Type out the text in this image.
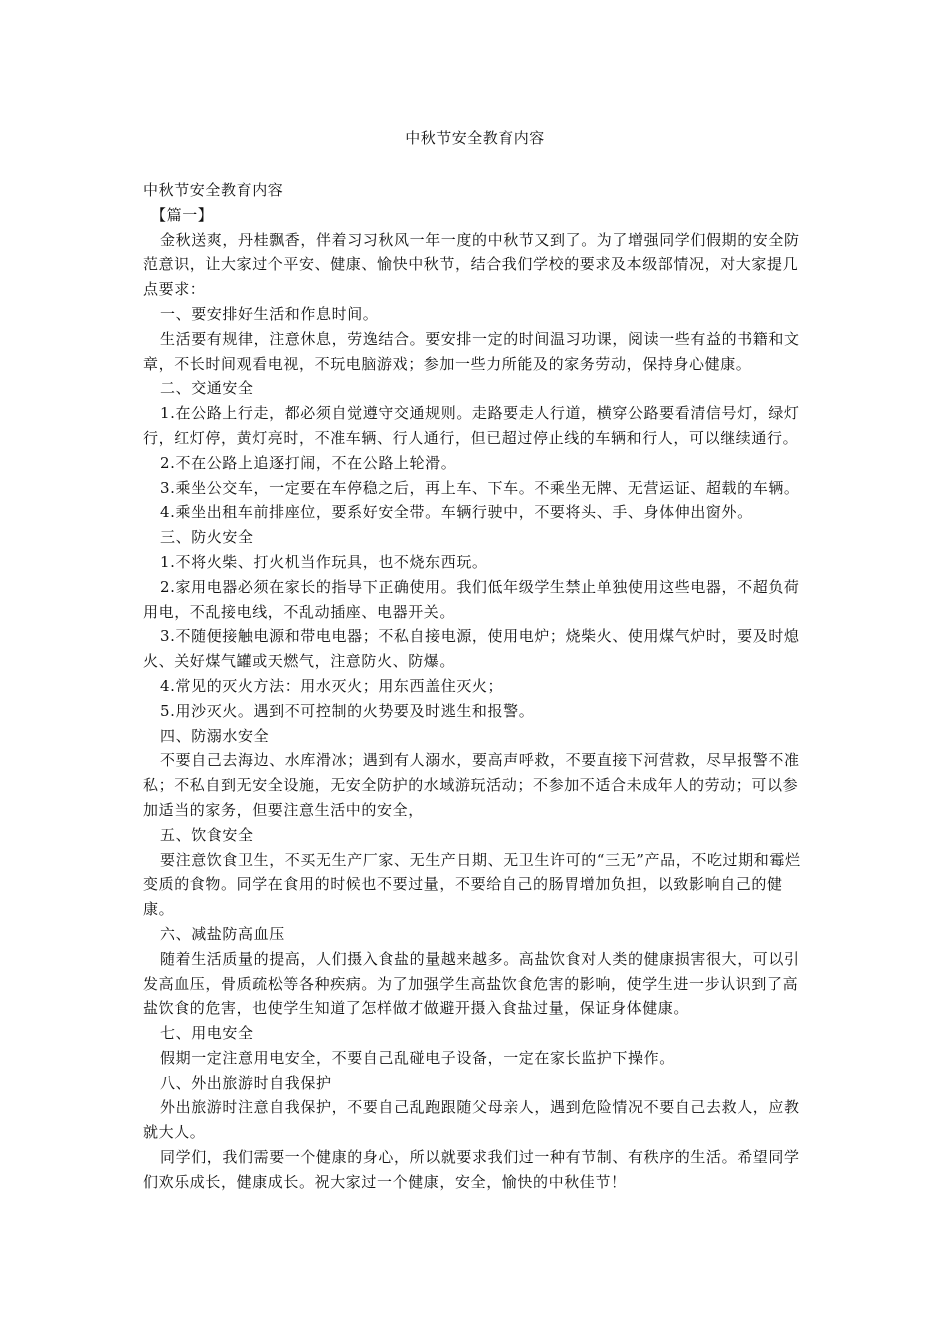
中秋节安全教育内容

中秋节安全教育内容

【篇一】

金秋送爽，丹桂飘香，伴着习习秋风一年一度的中秋节又到了。为了增强同学们假期的安全防范意识，让大家过个平安、健康、愉快中秋节，结合我们学校的要求及本级部情况，对大家提几点要求：

一、要安排好生活和作息时间。

生活要有规律，注意休息，劳逸结合。要安排一定的时间温习功课，阅读一些有益的书籍和文章，不长时间观看电视，不玩电脑游戏；参加一些力所能及的家务劳动，保持身心健康。

二、交通安全

1.在公路上行走，都必须自觉遵守交通规则。走路要走人行道，横穿公路要看清信号灯，绿灯行，红灯停，黄灯亮时，不准车辆、行人通行，但已超过停止线的车辆和行人，可以继续通行。

2.不在公路上追逐打闹，不在公路上轮滑。

3.乘坐公交车，一定要在车停稳之后，再上车、下车。不乘坐无牌、无营运证、超载的车辆。

4.乘坐出租车前排座位，要系好安全带。车辆行驶中，不要将头、手、身体伸出窗外。

三、防火安全

1.不将火柴、打火机当作玩具，也不烧东西玩。

2.家用电器必须在家长的指导下正确使用。我们低年级学生禁止单独使用这些电器，不超负荷用电，不乱接电线，不乱动插座、电器开关。

3.不随便接触电源和带电电器；不私自接电源，使用电炉；烧柴火、使用煤气炉时，要及时熄火、关好煤气罐或天燃气，注意防火、防爆。

4.常见的灭火方法：用水灭火；用东西盖住灭火；

5.用沙灭火。遇到不可控制的火势要及时逃生和报警。

四、防溺水安全

不要自己去海边、水库滑冰；遇到有人溺水，要高声呼救，不要直接下河营救，尽早报警不准私；不私自到无安全设施，无安全防护的水域游玩活动；不参加不适合未成年人的劳动；可以参加适当的家务，但要注意生活中的安全，

五、饮食安全

要注意饮食卫生，不买无生产厂家、无生产日期、无卫生许可的“三无”产品，不吃过期和霉烂变质的食物。同学在食用的时候也不要过量，不要给自己的肠胃增加负担，以致影响自己的健康。

六、减盐防高血压

随着生活质量的提高，人们摄入食盐的量越来越多。高盐饮食对人类的健康损害很大，可以引发高血压，骨质疏松等各种疾病。为了加强学生高盐饮食危害的影响，使学生进一步认识到了高盐饮食的危害，也使学生知道了怎样做才做避开摄入食盐过量，保证身体健康。

七、用电安全

假期一定注意用电安全，不要自己乱碰电子设备，一定在家长监护下操作。

八、外出旅游时自我保护

外出旅游时注意自我保护，不要自己乱跑跟随父母亲人，遇到危险情况不要自己去救人，应教就大人。

同学们，我们需要一个健康的身心，所以就要求我们过一种有节制、有秩序的生活。希望同学们欢乐成长，健康成长。祝大家过一个健康，安全，愉快的中秋佳节！
